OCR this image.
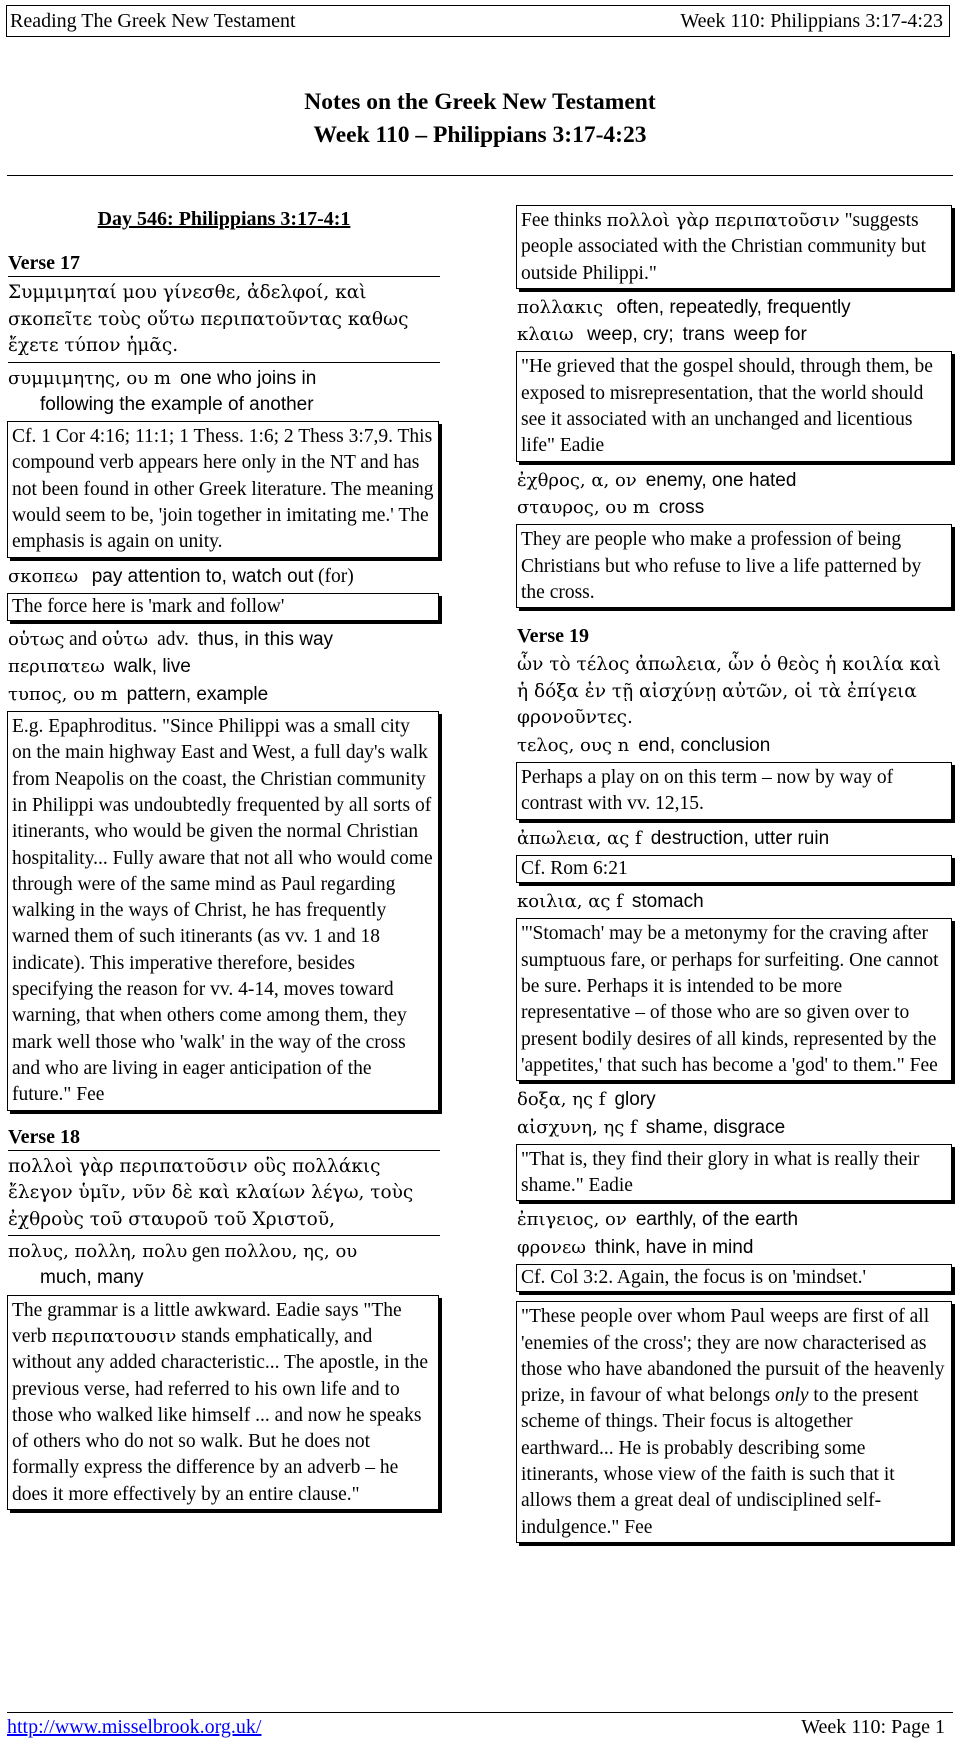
Reading The Greek New Testament	Week 110: Philippians 3:17-4:23
Notes on the Greek New Testament
Week 110 – Philippians 3:17-4:23
Day 546: Philippians 3:17-4:1
Verse 17

Συμμιμηταί μου γίνεσθε, ἀδελφοί, καὶ σκοπεῖτε τοὺς οὕτω περιπατοῦντας καθως ἔχετε τύπον ἡμᾶς.

συμμιμητης, ου m one who joins in
following the example of another

Cf. 1 Cor 4:16; 11:1; 1 Thess. 1:6; 2 Thess 3:7,9. This compound verb appears here only in the NT and has not been found in other Greek literature. The meaning would seem to be, 'join together in imitating me.' The emphasis is again on unity.

σκοπεω pay attention to, watch out (for)

The force here is 'mark and follow'

οὑτως and οὑτω adv. thus, in this way

περιπατεω walk, live

τυπος, ου m pattern, example

E.g. Epaphroditus. "Since Philippi was a small city on the main highway East and West, a full day's walk from Neapolis on the coast, the Christian community in Philippi was undoubtedly frequented by all sorts of itinerants, who would be given the normal Christian hospitality... Fully aware that not all who would come through were of the same mind as Paul regarding walking in the ways of Christ, he has frequently warned them of such itinerants (as vv. 1 and 18 indicate). This imperative therefore, besides specifying the reason for vv. 4-14, moves toward warning, that when others come among them, they mark well those who 'walk' in the way of the cross and who are living in eager anticipation of the future." Fee
Verse 18

πολλοὶ γὰρ περιπατοῦσιν οὓς πολλάκις ἔλεγον ὑμῖν, νῦν δὲ καὶ κλαίων λέγω, τοὺς ἐχθροὺς τοῦ σταυροῦ τοῦ Χριστοῦ,

πολυς, πολλη, πολυ gen πολλου, ης, ου
much, many

The grammar is a little awkward. Eadie says "The verb περιπατουσιν stands emphatically, and without any added characteristic... The apostle, in the previous verse, had referred to his own life and to those who walked like himself ... and now he speaks of others who do not so walk. But he does not formally express the difference by an adverb – he does it more effectively by an entire clause."
Fee thinks πολλοὶ γὰρ περιπατοῦσιν "suggests people associated with the Christian community but outside Philippi."

πολλακις often, repeatedly, frequently

κλαιω weep, cry; trans weep for

"He grieved that the gospel should, through them, be exposed to misrepresentation, that the world should see it associated with an unchanged and licentious life" Eadie

ἐχθρος, α, ον enemy, one hated

σταυρος, ου m cross

They are people who make a profession of being Christians but who refuse to live a life patterned by the cross.
Verse 19

ὧν τὸ τέλος ἀπωλεια, ὧν ὁ θεὸς ἡ κοιλία καὶ ἡ δόξα ἐν τῇ αἰσχύνῃ αὐτῶν, οἱ τὰ ἐπίγεια φρονοῦντες.

τελος, ους n end, conclusion

Perhaps a play on on this term – now by way of contrast with vv. 12,15.

ἀπωλεια, ας f destruction, utter ruin

Cf. Rom 6:21

κοιλια, ας f stomach

"'Stomach' may be a metonymy for the craving after sumptuous fare, or perhaps for surfeiting. One cannot be sure. Perhaps it is intended to be more representative – of those who are so given over to present bodily desires of all kinds, represented by the 'appetites,' that such has become a 'god' to them." Fee

δοξα, ης f glory

αἰσχυνη, ης f shame, disgrace

"That is, they find their glory in what is really their shame." Eadie

ἐπιγειος, ον earthly, of the earth

φρονεω think, have in mind

Cf. Col 3:2. Again, the focus is on 'mindset.'
"These people over whom Paul weeps are first of all 'enemies of the cross'; they are now characterised as those who have abandoned the pursuit of the heavenly prize, in favour of what belongs only to the present scheme of things. Their focus is altogether earthward... He is probably describing some itinerants, whose view of the faith is such that it allows them a great deal of undisciplined self-indulgence." Fee
http://www.misselbrook.org.uk/	Week 110: Page 1
